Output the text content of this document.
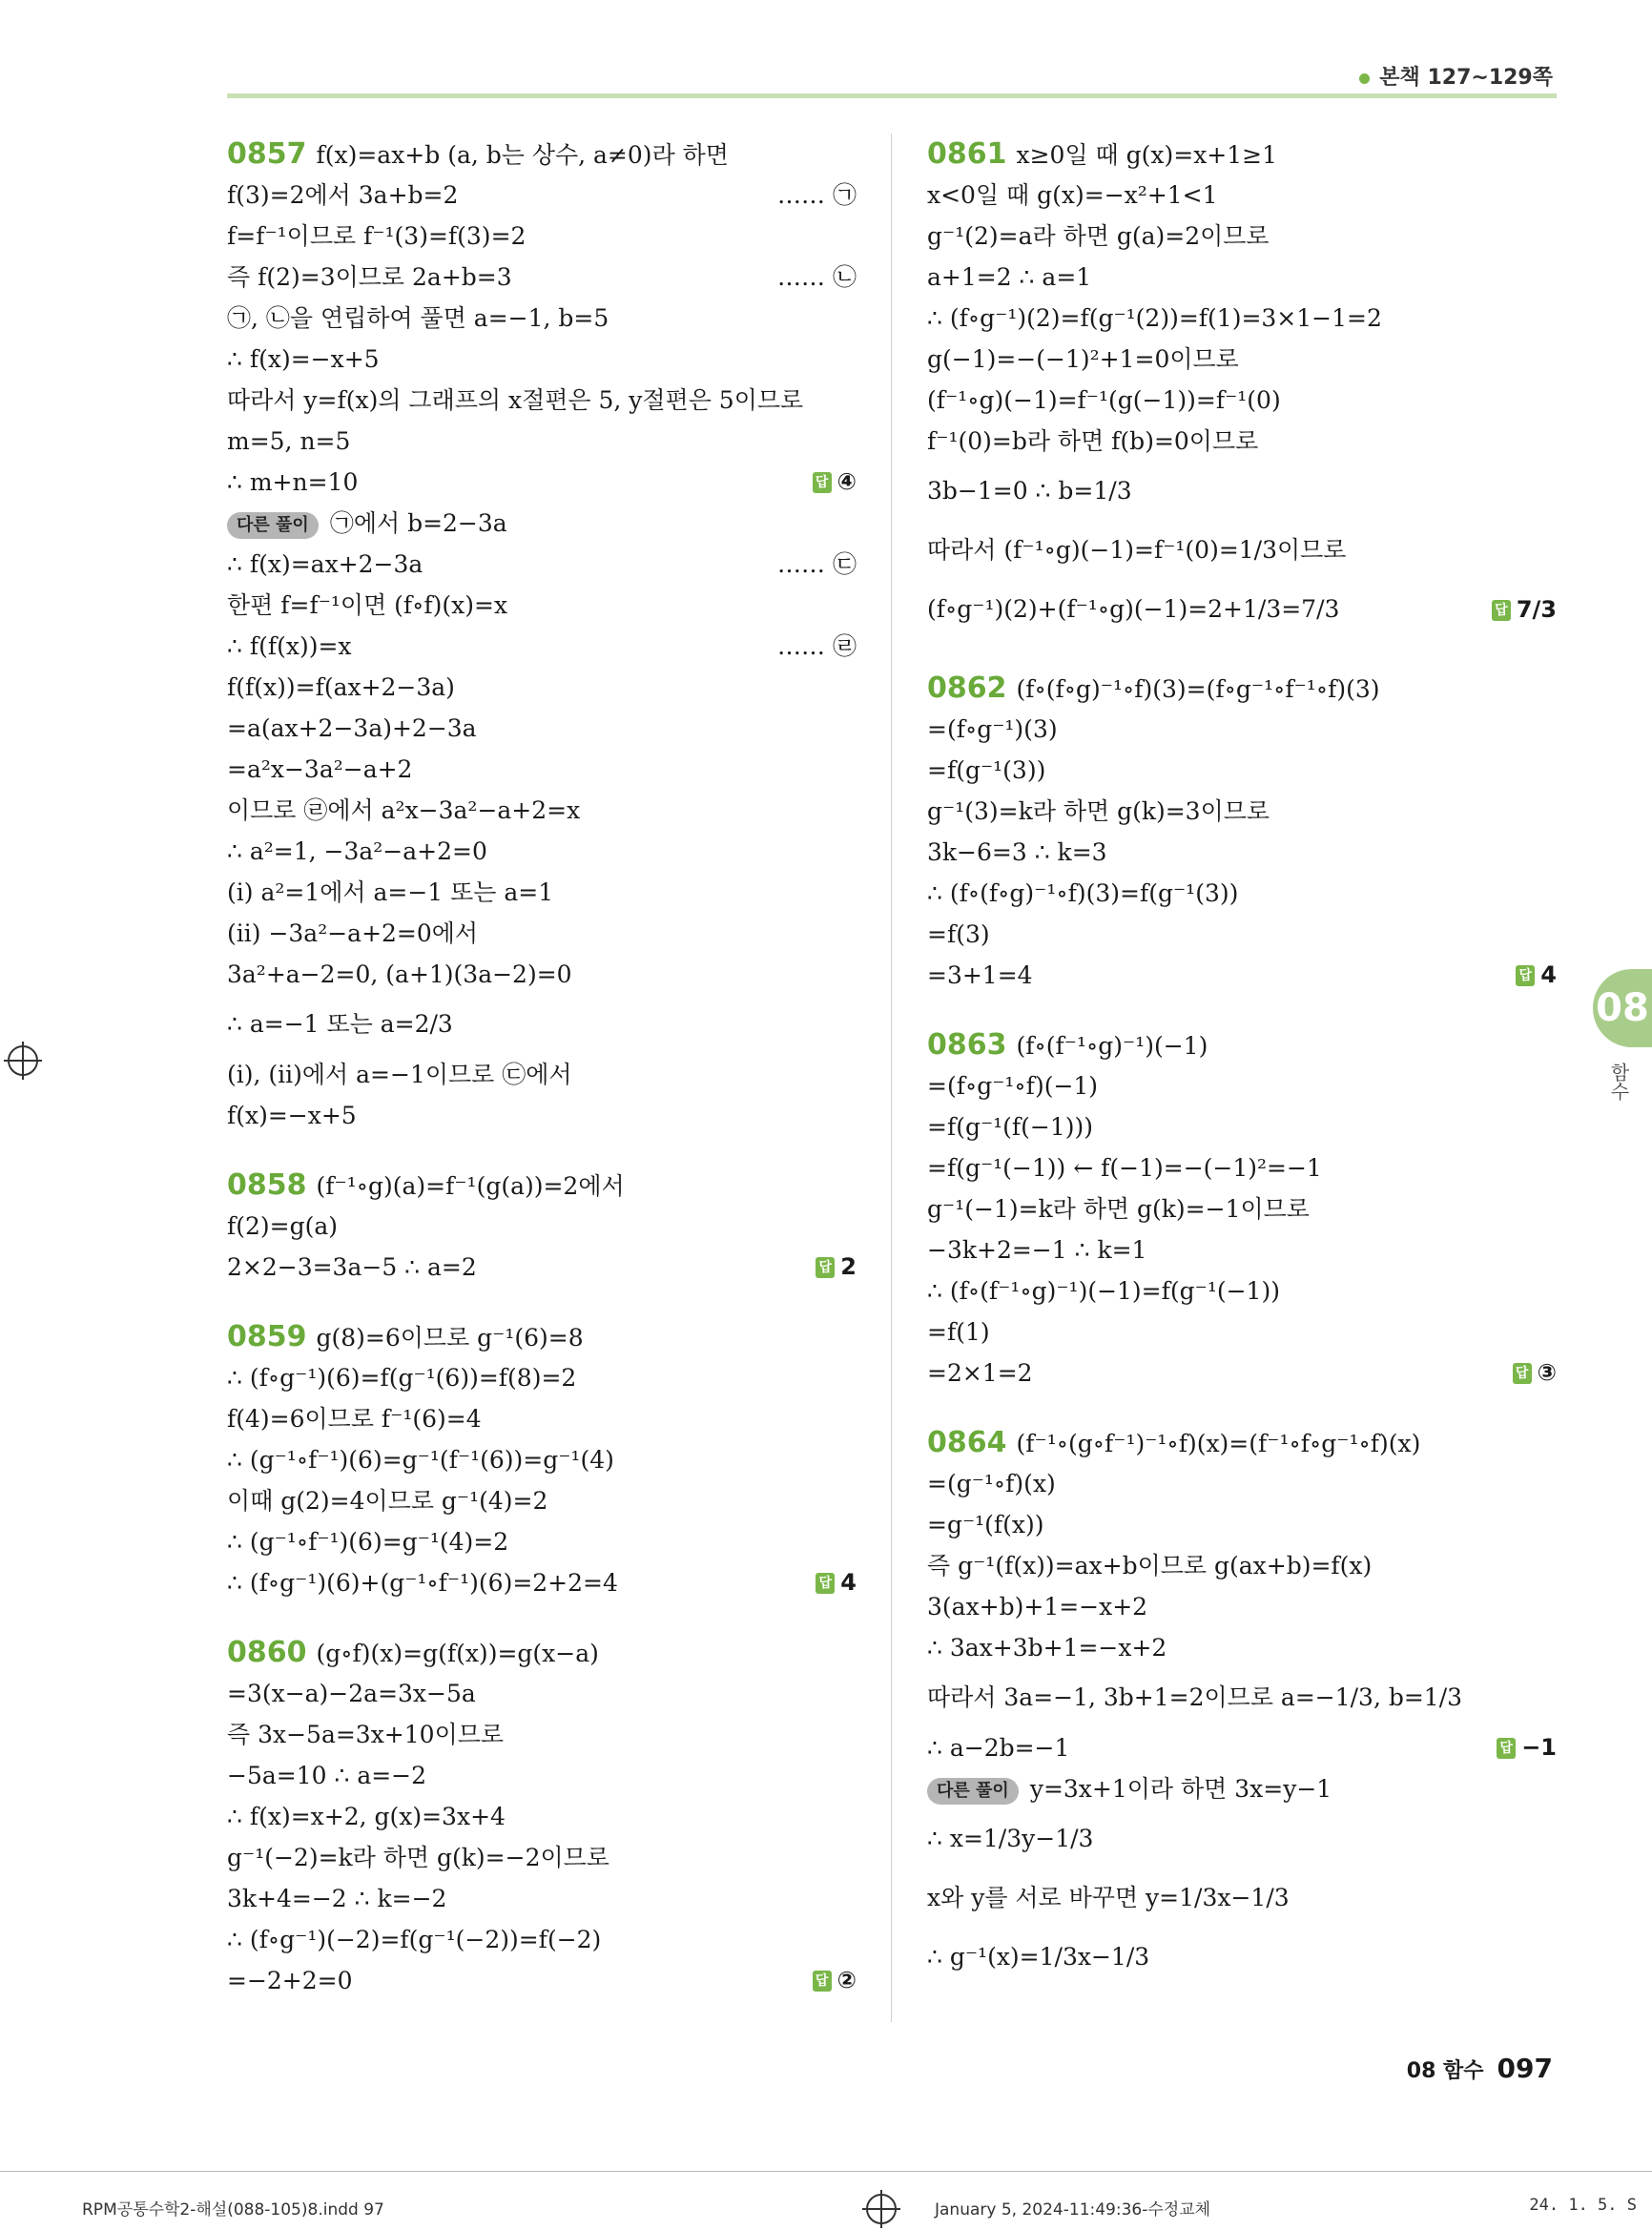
본책 127~129쪽
0857 f(x)=ax+b (a, b는 상수, a≠0)라 하면
f(3)=2에서 3a+b=2	…… ㉠
f=f⁻¹이므로 f⁻¹(3)=f(3)=2
즉 f(2)=3이므로 2a+b=3	…… ㉡
㉠, ㉡을 연립하여 풀면 a=−1, b=5
∴ f(x)=−x+5
따라서 y=f(x)의 그래프의 x절편은 5, y절편은 5이므로
m=5, n=5
∴ m+n=10	답 ④
다른 풀이 ㉠에서 b=2−3a
∴ f(x)=ax+2−3a	…… ㉢
한편 f=f⁻¹이면 (f∘f)(x)=x
∴ f(f(x))=x	…… ㉣
f(f(x))=f(ax+2−3a)
=a(ax+2−3a)+2−3a
=a²x−3a²−a+2
이므로 ㉣에서 a²x−3a²−a+2=x
∴ a²=1, −3a²−a+2=0
(ⅰ) a²=1에서 a=−1 또는 a=1
(ⅱ) −3a²−a+2=0에서
3a²+a−2=0, (a+1)(3a−2)=0
∴ a=−1 또는 a=2/3
(ⅰ), (ⅱ)에서 a=−1이므로 ㉢에서
f(x)=−x+5
0858 (f⁻¹∘g)(a)=f⁻¹(g(a))=2에서
f(2)=g(a)
2×2−3=3a−5 ∴ a=2	답 2
0859 g(8)=6이므로 g⁻¹(6)=8
∴ (f∘g⁻¹)(6)=f(g⁻¹(6))=f(8)=2
f(4)=6이므로 f⁻¹(6)=4
∴ (g⁻¹∘f⁻¹)(6)=g⁻¹(f⁻¹(6))=g⁻¹(4)
이때 g(2)=4이므로 g⁻¹(4)=2
∴ (g⁻¹∘f⁻¹)(6)=g⁻¹(4)=2
∴ (f∘g⁻¹)(6)+(g⁻¹∘f⁻¹)(6)=2+2=4	답 4
0860 (g∘f)(x)=g(f(x))=g(x−a)
=3(x−a)−2a=3x−5a
즉 3x−5a=3x+10이므로
−5a=10 ∴ a=−2
∴ f(x)=x+2, g(x)=3x+4
g⁻¹(−2)=k라 하면 g(k)=−2이므로
3k+4=−2 ∴ k=−2
∴ (f∘g⁻¹)(−2)=f(g⁻¹(−2))=f(−2)
=−2+2=0	답 ②
0861 x≥0일 때 g(x)=x+1≥1
x<0일 때 g(x)=−x²+1<1
g⁻¹(2)=a라 하면 g(a)=2이므로
a+1=2 ∴ a=1
∴ (f∘g⁻¹)(2)=f(g⁻¹(2))=f(1)=3×1−1=2
g(−1)=−(−1)²+1=0이므로
(f⁻¹∘g)(−1)=f⁻¹(g(−1))=f⁻¹(0)
f⁻¹(0)=b라 하면 f(b)=0이므로
3b−1=0 ∴ b=1/3
따라서 (f⁻¹∘g)(−1)=f⁻¹(0)=1/3이므로
(f∘g⁻¹)(2)+(f⁻¹∘g)(−1)=2+1/3=7/3	답 7/3
0862 (f∘(f∘g)⁻¹∘f)(3)=(f∘g⁻¹∘f⁻¹∘f)(3)
=(f∘g⁻¹)(3)
=f(g⁻¹(3))
g⁻¹(3)=k라 하면 g(k)=3이므로
3k−6=3 ∴ k=3
∴ (f∘(f∘g)⁻¹∘f)(3)=f(g⁻¹(3))
=f(3)
=3+1=4	답 4
0863 (f∘(f⁻¹∘g)⁻¹)(−1)
=(f∘g⁻¹∘f)(−1)
=f(g⁻¹(f(−1)))
=f(g⁻¹(−1)) ← f(−1)=−(−1)²=−1
g⁻¹(−1)=k라 하면 g(k)=−1이므로
−3k+2=−1 ∴ k=1
∴ (f∘(f⁻¹∘g)⁻¹)(−1)=f(g⁻¹(−1))
=f(1)
=2×1=2	답 ③
0864 (f⁻¹∘(g∘f⁻¹)⁻¹∘f)(x)=(f⁻¹∘f∘g⁻¹∘f)(x)
=(g⁻¹∘f)(x)
=g⁻¹(f(x))
즉 g⁻¹(f(x))=ax+b이므로 g(ax+b)=f(x)
3(ax+b)+1=−x+2
∴ 3ax+3b+1=−x+2
따라서 3a=−1, 3b+1=2이므로 a=−1/3, b=1/3
∴ a−2b=−1	답 −1
다른 풀이 y=3x+1이라 하면 3x=y−1
∴ x=1/3y−1/3
x와 y를 서로 바꾸면 y=1/3x−1/3
∴ g⁻¹(x)=1/3x−1/3
08
함수
08 함수 097
RPM공통수학2-해설(088-105)8.indd 97	January 5, 2024-11:49:36-수정교체	24. 1. 5. S
